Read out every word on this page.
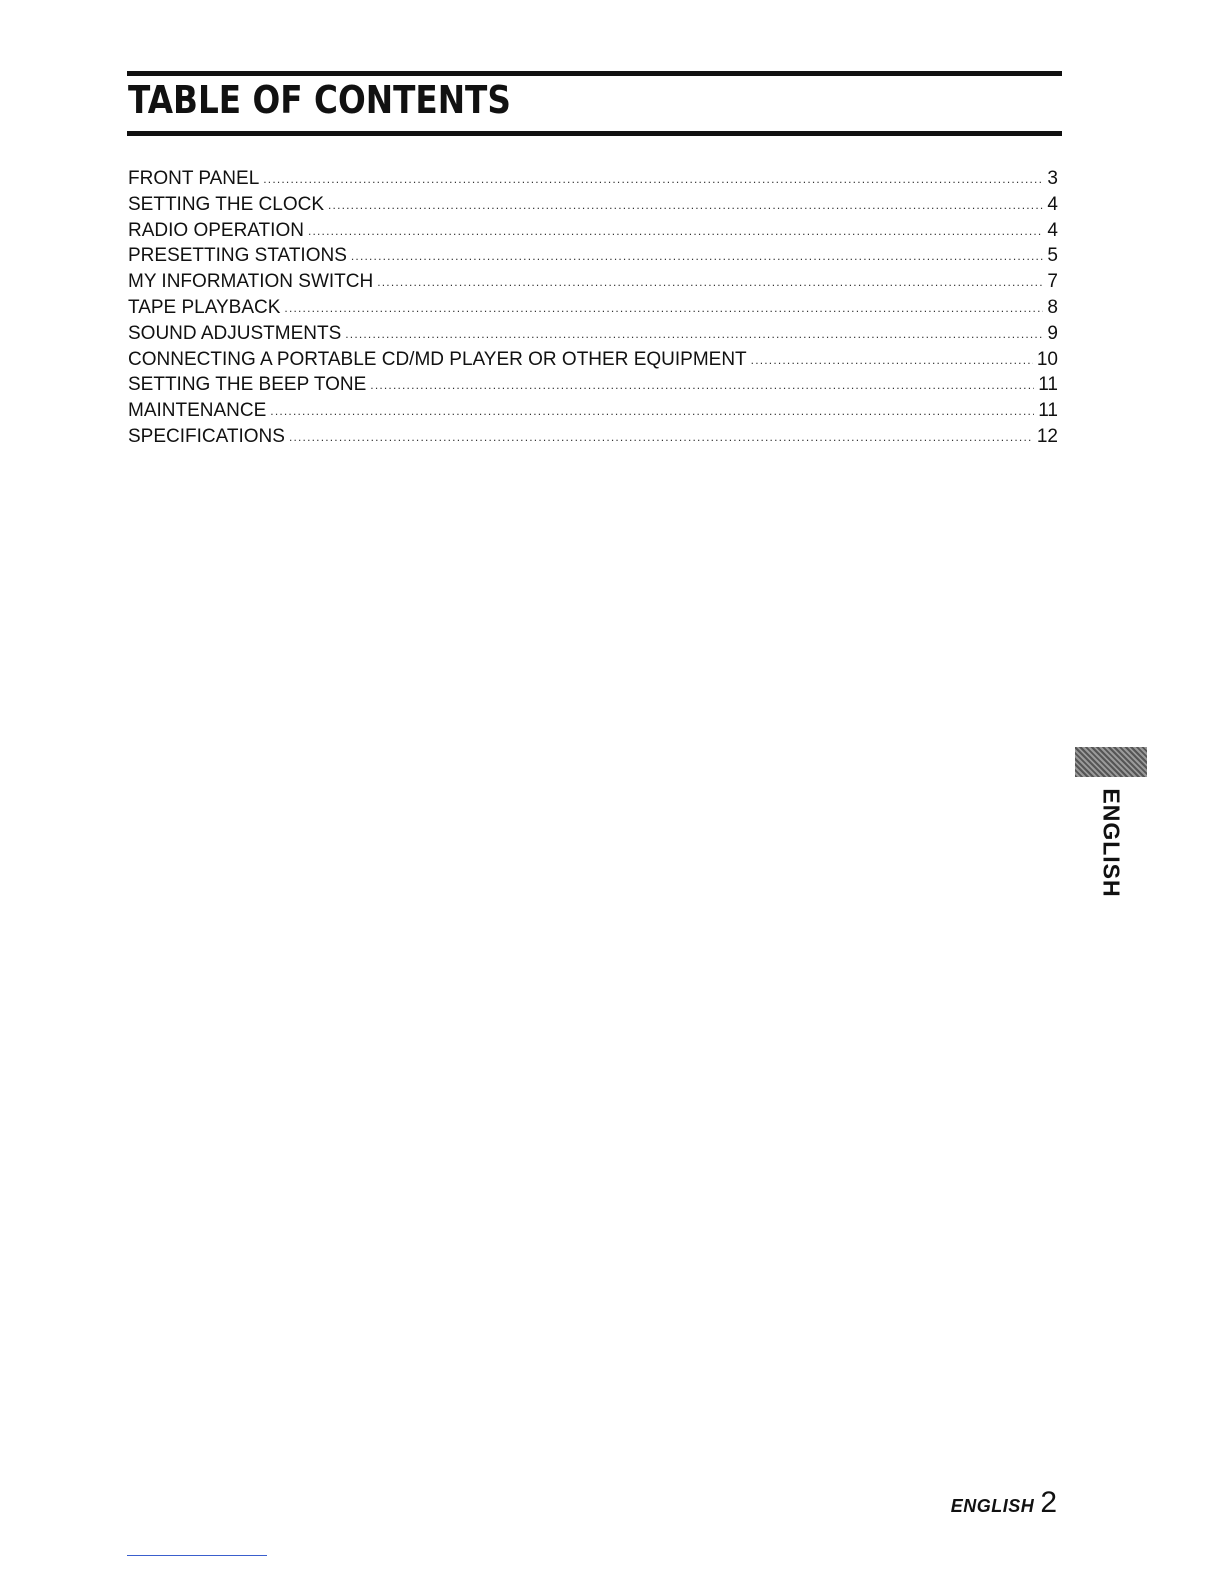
TABLE OF CONTENTS
FRONT PANEL .....	3
SETTING THE CLOCK .....	4
RADIO OPERATION .....	4
PRESETTING STATIONS .....	5
MY INFORMATION SWITCH .....	7
TAPE PLAYBACK .....	8
SOUND ADJUSTMENTS .....	9
CONNECTING A PORTABLE CD/MD PLAYER OR OTHER EQUIPMENT .....	10
SETTING THE BEEP TONE .....	11
MAINTENANCE .....	11
SPECIFICATIONS .....	12
ENGLISH
ENGLISH 2
